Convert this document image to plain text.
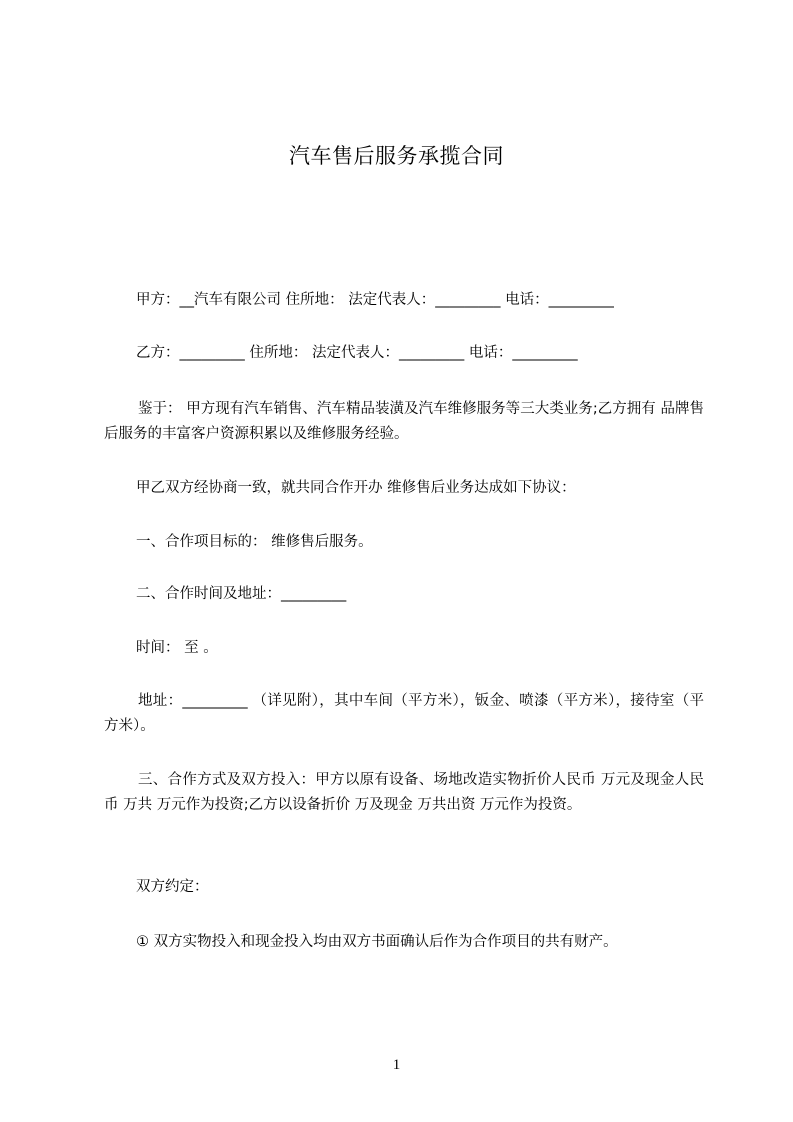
汽车售后服务承揽合同
甲方：__汽车有限公司 住所地： 法定代表人：_________ 电话：_________
乙方：_________ 住所地： 法定代表人：_________ 电话：_________
鉴于： 甲方现有汽车销售、汽车精品装潢及汽车维修服务等三大类业务;乙方拥有 品牌售后服务的丰富客户资源积累以及维修服务经验。
甲乙双方经协商一致，就共同合作开办 维修售后业务达成如下协议：
一、合作项目标的： 维修售后服务。
二、合作时间及地址：_________
时间： 至 。
地址：_________ （详见附），其中车间（平方米），钣金、喷漆（平方米），接待室（平方米）。
三、合作方式及双方投入：甲方以原有设备、场地改造实物折价人民币 万元及现金人民币 万共 万元作为投资;乙方以设备折价 万及现金 万共出资 万元作为投资。
双方约定：
① 双方实物投入和现金投入均由双方书面确认后作为合作项目的共有财产。
1
